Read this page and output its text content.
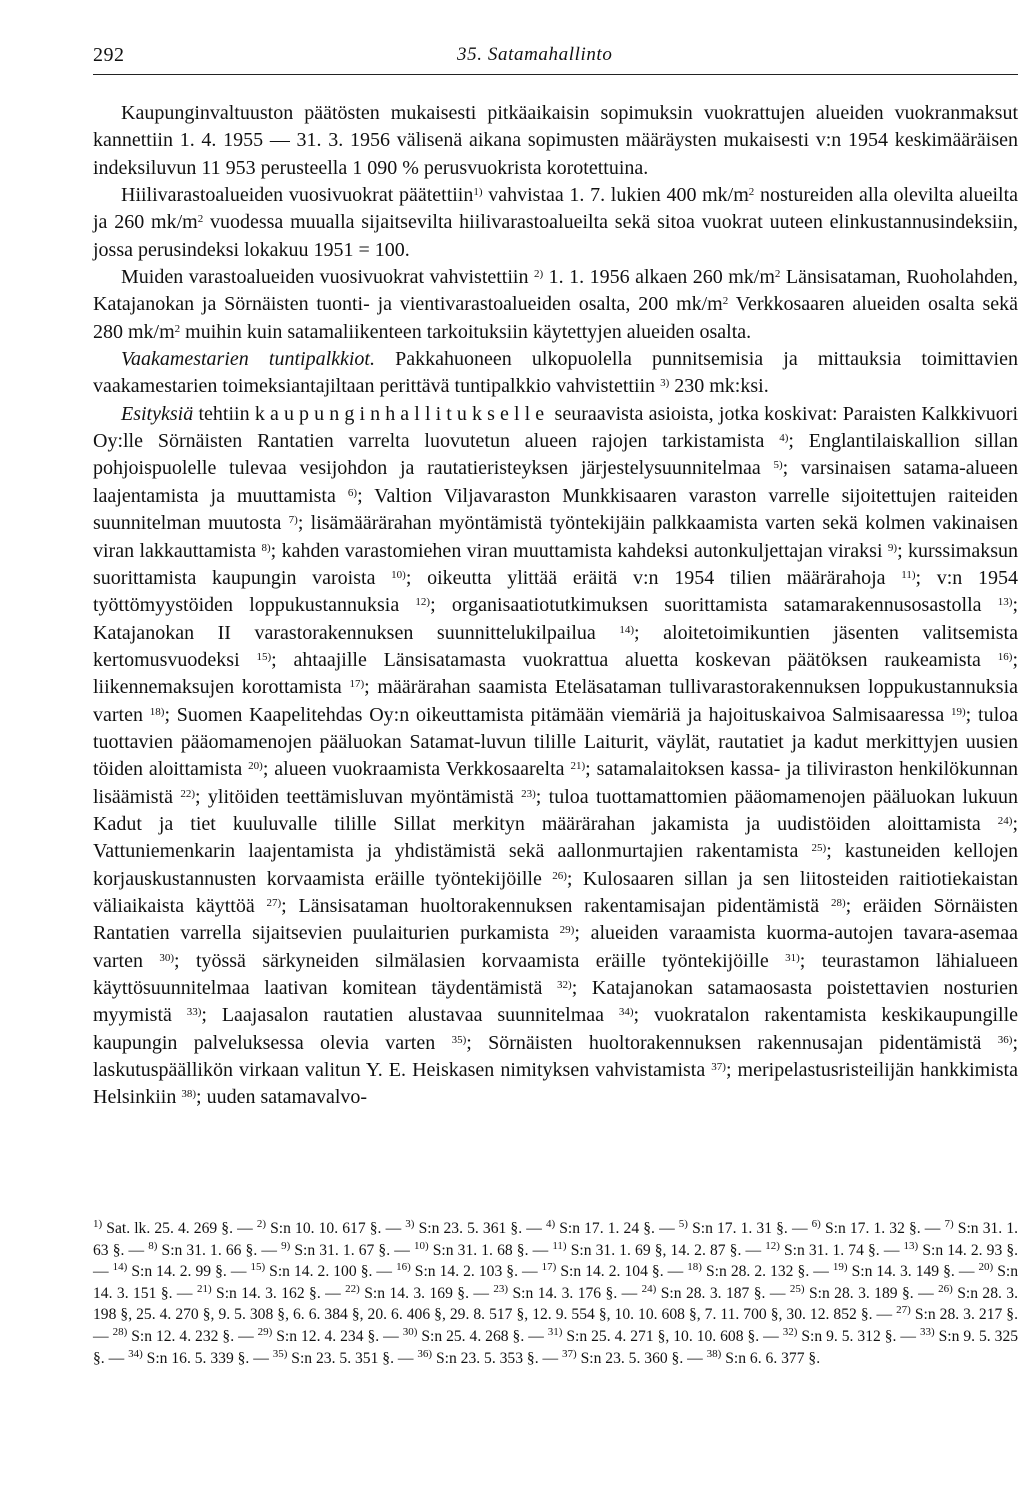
292	35. Satamahallinto

Kaupunginvaltuuston päätösten mukaisesti pitkäaikaisin sopimuksin vuokrattujen alueiden vuokranmaksut kannettiin 1. 4. 1955 — 31. 3. 1956 välisenä aikana sopimusten määräysten mukaisesti v:n 1954 keskimääräisen indeksiluvun 11 953 perusteella 1 090 % perusvuokrista korotettuina.

Hiilivarastoalueiden vuosivuokrat päätettiin$^{1)}$ vahvistaa 1. 7. lukien 400 $mk/m^2$ nostureiden alla olevilta alueilta ja 260 $mk/m^2$ vuodessa muualla sijaitsevilta hiilivarastoalueilta sekä sitoa vuokrat uuteen elinkustannusindeksiin, jossa perusindeksi lokakuu 1951 = 100.

Muiden varastoalueiden vuosivuokrat vahvistettiin $^{2)}$ 1. 1. 1956 alkaen 260 $mk/m^2$ Länsisataman, Ruoholahden, Katajanokan ja Sörnäisten tuonti- ja vientivarastoalueiden osalta, 200 $mk/m^2$ Verkkosaaren alueiden osalta sekä 280 $mk/m^2$ muihin kuin satamaliikenteen tarkoituksiin käytettyjen alueiden osalta.

Vaakamestarien tuntipalkkiot. Pakkahuoneen ulkopuolella punnitsemisia ja mittauksia toimittavien vaakamestarien toimeksiantajiltaan perittävä tuntipalkkio vahvistettiin $^{3)}$ 230 mk:ksi.

Esityksiä tehtiin kaupunginhallitukselle seuraavista asioista, jotka koskivat: Paraisten Kalkkivuori Oy:lle Sörnäisten Rantatien varrelta luovutetun alueen rajojen tarkistamista $^{4)}$; Englantilaiskallion sillan pohjoispuolelle tulevaa vesijohdon ja rautatieristeyksen järjestelysuunnitelmaa $^{5)}$; varsinaisen satama-alueen laajentamista ja muuttamista $^{6)}$; Valtion Viljavaraston Munkkisaaren varaston varrelle sijoitettujen raiteiden suunnitelman muutosta $^{7)}$; lisämäärärahan myöntämistä työntekijäin palkkaamista varten sekä kolmen vakinaisen viran lakkauttamista $^{8)}$; kahden varastomiehen viran muuttamista kahdeksi autonkuljettajan viraksi $^{9)}$; kurssimaksun suorittamista kaupungin varoista $^{10)}$; oikeutta ylittää eräitä v:n 1954 tilien määrärahoja $^{11)}$; v:n 1954 työttömyystöiden loppukustannuksia $^{12)}$; organisaatiotutkimuksen suorittamista satamarakennusosastolla $^{13)}$; Katajanokan II varastorakennuksen suunnittelukilpailua $^{14)}$; aloitetoimikuntien jäsenten valitsemista kertomusvuodeksi $^{15)}$; ahtaajille Länsisatamasta vuokrattua aluetta koskevan päätöksen raukeamista $^{16)}$; liikennemaksujen korottamista $^{17)}$; määrärahan saamista Eteläsataman tullivarastorakennuksen loppukustannuksia varten $^{18)}$; Suomen Kaapelitehdas Oy:n oikeuttamista pitämään viemäriä ja hajoituskaivoa Salmisaaressa $^{19)}$; tuloa tuottavien pääomamenojen pääluokan Satamat-luvun tilille Laiturit, väylät, rautatiet ja kadut merkittyjen uusien töiden aloittamista $^{20)}$; alueen vuokraamista Verkkosaarelta $^{21)}$; satamalaitoksen kassa- ja tiliviraston henkilökunnan lisäämistä $^{22)}$; ylitöiden teettämisluvan myöntämistä $^{23)}$; tuloa tuottamattomien pääomamenojen pääluokan lukuun Kadut ja tiet kuuluvalle tilille Sillat merkityn määrärahan jakamista ja uudistöiden aloittamista $^{24)}$; Vattuniemenkarin laajentamista ja yhdistämistä sekä aallonmurtajien rakentamista $^{25)}$; kastuneiden kellojen korjauskustannusten korvaamista eräille työntekijöille $^{26)}$; Kulosaaren sillan ja sen liitosteiden raitiotiekaistan väliaikaista käyttöä $^{27)}$; Länsisataman huoltorakennuksen rakentamisajan pidentämistä $^{28)}$; eräiden Sörnäisten Rantatien varrella sijaitsevien puulaiturien purkamista $^{29)}$; alueiden varaamista kuorma-autojen tavara-asemaa varten $^{30)}$; työssä särkyneiden silmälasien korvaamista eräille työntekijöille $^{31)}$; teurastamon lähialueen käyttösuunnitelmaa laativan komitean täydentämistä $^{32)}$; Katajanokan satamaosasta poistettavien nosturien myymistä $^{33)}$; Laajasalon rautatien alustavaa suunnitelmaa $^{34)}$; vuokratalon rakentamista keskikaupungille kaupungin palveluksessa olevia varten $^{35)}$; Sörnäisten huoltorakennuksen rakennusajan pidentämistä $^{36)}$; laskutuspäällikön virkaan valitun Y. E. Heiskasen nimityksen vahvistamista $^{37)}$; meripelastusristeilijän hankkimista Helsinkiin $^{38)}$; uuden satamavalvo-

$^{1)}$ Sat. lk. 25. 4. 269 §. — $^{2)}$ S:n 10. 10. 617 §. — $^{3)}$ S:n 23. 5. 361 §. — $^{4)}$ S:n 17. 1. 24 §. — $^{5)}$ S:n 17. 1. 31 §. — $^{6)}$ S:n 17. 1. 32 §. — $^{7)}$ S:n 31. 1. 63 §. — $^{8)}$ S:n 31. 1. 66 §. — $^{9)}$ S:n 31. 1. 67 §. — $^{10)}$ S:n 31. 1. 68 §. — $^{11)}$ S:n 31. 1. 69 §, 14. 2. 87 §. — $^{12)}$ S:n 31. 1. 74 §. — $^{13)}$ S:n 14. 2. 93 §. — $^{14)}$ S:n 14. 2. 99 §. — $^{15)}$ S:n 14. 2. 100 §. — $^{16)}$ S:n 14. 2. 103 §. — $^{17)}$ S:n 14. 2. 104 §. — $^{18)}$ S:n 28. 2. 132 §. — $^{19)}$ S:n 14. 3. 149 §. — $^{20)}$ S:n 14. 3. 151 §. — $^{21)}$ S:n 14. 3. 162 §. — $^{22)}$ S:n 14. 3. 169 §. — $^{23)}$ S:n 14. 3. 176 §. — $^{24)}$ S:n 28. 3. 187 §. — $^{25)}$ S:n 28. 3. 189 §. — $^{26)}$ S:n 28. 3. 198 §, 25. 4. 270 §, 9. 5. 308 §, 6. 6. 384 §, 20. 6. 406 §, 29. 8. 517 §, 12. 9. 554 §, 10. 10. 608 §, 7. 11. 700 §, 30. 12. 852 §. — $^{27)}$ S:n 28. 3. 217 §. — $^{28)}$ S:n 12. 4. 232 §. — $^{29)}$ S:n 12. 4. 234 §. — $^{30)}$ S:n 25. 4. 268 §. — $^{31)}$ S:n 25. 4. 271 §, 10. 10. 608 §. — $^{32)}$ S:n 9. 5. 312 §. — $^{33)}$ S:n 9. 5. 325 §. — $^{34)}$ S:n 16. 5. 339 §. — $^{35)}$ S:n 23. 5. 351 §. — $^{36)}$ S:n 23. 5. 353 §. — $^{37)}$ S:n 23. 5. 360 §. — $^{38)}$ S:n 6. 6. 377 §.
